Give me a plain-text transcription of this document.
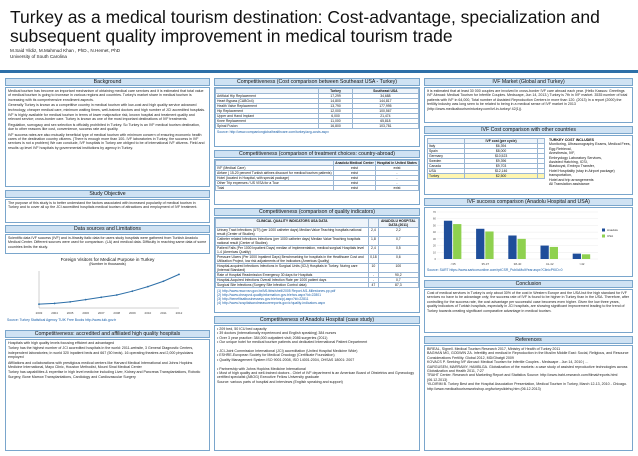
Turkey as a medical tourism destination: Cost-advantage, specialization and subsequent quality improvement in medical tourism trade
M.Said Yildiz, M.Mahmud Khan , PhD., N.Hemet, PhD
University of South Carolina
Background

Medical tourism has become an important mechanism of obtaining medical care services and it is estimated that total value of medical tourism is going to increase in various regions and countries. Turkey's market share in medical tourism is increasing with its comprehensive enrollment aspects.

Generally Turkey is known as a competitive country in medical tourism with low-cost and high quality service advanced technology, cheaper medical care, minimum waiting times, well-trained doctors and high number of JCI accredited hospitals.

IVF is highly available for medical tourism in terms of lower malpractice risk, known hospital and treatment quality and relevant service; cross-border care. Turkey is known as one of the most important destinations of IVF treatments.

Regulation, surrogacy and sex selection is officially prohibited in Turkey. So Turkey is an IVF medical tourism destination, due to other reasons like cost, convenience, success rate and quality.

IVF success rates are also mutually beneficial type of medical tourism with minimum concern of ensuring economic health cares of the destination country citizens. (There is enough more than 100- IVF laboratories in Turkey, the success in IVF services is not a problem) We can conclude, IVF hospitals in Turkey are obliged to be of international IVF citizens. Field and results up level IVF hospitals by governmental institutions by agency in Turkey.

Study Objective
The purpose of this study is to better understand the factors associated with increased popularity of medical tourism in Turkey and to cover all up the JCI accredited hospitals medical tourism of attractions and employment of IVF treatment.
Data sources and Limitations
Scientific data IVF success (IVF) and in-Itirasity italic data for users study hospitals were gathered from Turkish Anadolu Medical Center. Different sources were used for comparison. (LA) and medical data. Difficulty in reaching same data of some countries limits the study.
Foreign Visitors for Medical Purpose in Turkey
(Number in thousands)
2003	2004	2005	2006	2007	2008	2009	2010	2011	2012
Source: Turkey Statistical Agency TUIK Free Books http://www.tuik.gov.tr
Competitiveness: accredited and affiliated high quality hospitals

Hospitals with high quality levels focusing efficient and advantaged

Turkey has the highest number of JCI accredited hospitals in the world: 2011-website, 3 General Diagnostic Centers, independent laboratories; in world 320 inpatient beds and 667 (50 beds). 16 operating theatres and 2,000 physicians employed

Affiliations and collaborations with prestigious medical centers like Harvard Medical International and Johns Hopkins Medicine International, Mayo Clinic, Houston Methodist, Mount Sinai Medical Center

Turkey has capabilities & expertise in high level medicine including Liver, Kidney and Pancreas Transplantations, Robotic Surgery, Bone Marrow Transplantations, Cardiology and Cardiovascular Surgery

Competitiveness (Cost comparison between Southeast USA - Turkey)
	Turkey	Southeast USA
Artificial Hip Replacement	17,299	34,688
Heart Bypass (CABGx4)	14,800	144,817
Health Valve Replacement	13,790	177,995
Hip Replacement	12,000	100,567
Upper and Hand Implant	6,000	21,474
Knee Replacement	11,000	65,818
Spinal Fusion	16,800	103,781
Source: http://www.companionglobalhealthcare.com/turkey/avg-costs.aspx
Competitiveness (comparison of treatment choices: country-abroad)
	Anadolu Medical Center	Hospital in United States
IVF (Medical Care)	exist	exist
Airfare ( 15-20 percent Turkish airlines discount for medical tourism patients)	exist	-
Hotel (located in Hospital, with special package)	exist	-
Other Trip expenses / US VISA for a Tour	exist	-
Total	exist	exist
Competitiveness (comparison of quality indicators)
CLINICAL QUALITY INDICATORS USA DATA		ANADOLU HOSPITAL DATA (2011)
Urinary Tract Infections (UTI) (per 1000 catheter days) Median Value Teaching hospitals national result (Center of Studies)	2,4	2,2
Catheter related Infections Infections (per 1000 catheter days) Median Value Teaching hospitals national result (Center of Studies)	1,8	0,7
Patient Falls (Per 1000 Inpatient Days) median of implementation, medical surgical Hospitals level 1-4 (Americas Quality)	2,4	0,5
Pressure Ulcers (Per 1000 Inpatient Days) Benchmarking for hospitals in the Healthcare Cost and Utilization Project, low risk adjustments of the indicators (Americas Quality)	0,18	0,6
Hospital-acquired Infections Infections in Surgical Units (ICU) Hospitals in Turkey. Nuring care (Internal Standard)	10	100
Rate of Hospital Readmission Emergency 30 days for Hospitals	-	90,2
Hospital-Acquired Infections Overall Infection Rate per 1000 patient days	-	0,7
Surgical Site Infections (Surgery Site Infection Control data)	47	87,3
(1) http://www.nww.vsn.gov.bx/M1/bbs/shell/2005 Report-M1-Milestones.pp.pdf
(2) http://www.cheapvol.qualityinformation.gov.tr/ehcs.aspx?id=22801
(3) http://benefitsatbusinessess.gov.tr/ehcs/pj.aspx?id=22811
(4) http://www.hospitalsandmeasurereports.gov.tr/quality-indicators.aspx
Competitiveness of Anadolu Hospital (case study)
• 209 bed, 50 ICU bed capacity
• 39 doctors (internationally experienced and English speaking) 384 nurses
• Over 3 year practice: 384,000 outpatient visit; 2086 surgeries (2011)
• Our unique hotel for medical tourism patients and dedicated International Patient Department

• JCI-Joint Commission International (JCI) accreditation (United Hospital Medicine Wide)
• ESHRE-European Society for Medical Oncology (Certificate Foundation)
• Quality Management System ISO 9001:2008, ISO 14001:2004, OHSAS 18001: 2007

• Partnership with Johns Hopkins Medicine International
• Most of high quality and well-trained doctors - Chief of IVF department is an American Board of Obstetrics and Gynecology certified specialist (ABOG) Executive Fellow University graduate
Source: various parts of hospital and interviews (English speaking and support)
IVF Market (Global and Turkey)
It is estimated that at least 30 000 couples are involved in cross-border IVF care abroad each year. (Hello Kassus: Greetings IVF Abroad: Medical Tourism for Infertile Couples. Medscape, Jun 14, 2013.) Turkey is 7th in IVF market. 3535 number of total patients with IVF in 64,000, Total number of Assisted Reproduction Centers in more than 120. (2013) In a report (2000) the fertility industry was long seen to be related to being in a medical sense of IVF market in 2013 (http://www.medicaltourisminturkey.com/ivf-in-turkey/ 42(1)).
IVF Cost comparison with other countries
	IVF cost (per cycle)	
Italy	$6,394	
Spain	$8,000	
Germany	$10,523	
Sweden	$9,396	
Canada	$9,703	
USA	$12,146	
Turkey	$2,500	
TURKEY COST INCLUDES
Monitoring, Ultrasonography Exams, Medical Fees,
Egg Retrieval,
Anesthesia, IVF,
Embryology Laboratory Services,
Assisted Hatching, ICSI,
Blastocyst, Embryo Transfer,
Hotel Hospitality (stay in Airport package) transportation,
Hotel and trip arrangements
All Translation assistance
IVF success comparison (Anadolu Hospital and USA)
0
10
20
30
40
50
60
70
<35	35-37	38-40	41-42	>42
Anadolu
USA
Source: SART https://www.sartcorsonline.com/rptCSR_PublicMultYear.aspx?ClinicPKID=0
Conclusion
Cost of medical services in Turkey is only about 30% of the cost in Western Europe and the USA but the high standard for IVF services no have to be advantage only; the success rate of IVF is found to be higher in Turkey than in the USA. Therefore, after controlling for the success rate, the cost advantage per successful case becomes even higher. Given the low three years, quality indicators of Turkish hospitals, especially in JCI hospitals, are showing significant improvement leading to the trend of Turkey towards creating significant comparative advantage in medical tourism.
References
BIREAL, Signell. Medical Tourism Research 2017, Ministry of Health of Turkey 2011
BAGHAN MG, GODWIN ZA. Infertility and medical in Reproduction in the Muslim Middle East: Social, Religious, and Resource Considerations Fertility. Global 2012, MD/Ghatgti 2009
KOVACS P. Seeking IVF Abroad: Medical Tourism for Infertile Couples - Medscape - Jun 14, 2010 | ...
GARGUSEN, MARRAMY, HAMBLGA. Globalization of the markets: a case study of assisted reproductive technologies across Globalization and Health 2011, 7:27
TRAHT Center. Research and Marketing Report and Statistics Source: http://www.traht-research.com/filmat/reports.html (06.12.2013)
YILDIRIM B. Turkey Best and the Hospital Association Presentation, Medical Tourism in Turkey, March 12-13, 2010 - Chicago. http://www.medicaltourismworkshop.org/turkeyslidehq.htm (06.12.2013)
